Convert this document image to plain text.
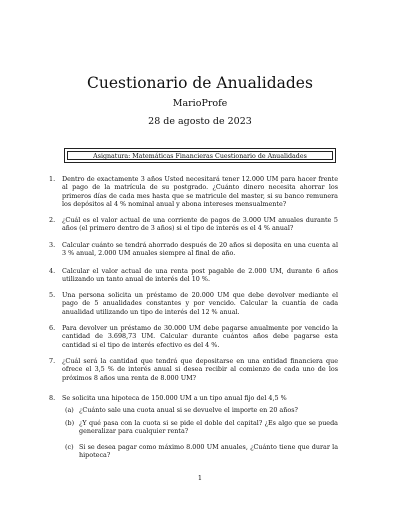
Cuestionario de Anualidades
MarioProfe
28 de agosto de 2023
Asignatura: Matemáticas Financieras Cuestionario de Anualidades
1. Dentro de exactamente 3 años Usted necesitará tener 12.000 UM para hacer frente al pago de la matrícula de su postgrado. ¿Cuánto dinero necesita ahorrar los primeros días de cada mes hasta que se matricule del master, si su banco remunera los depósitos al 4 % nominal anual y abona intereses mensualmente?
2. ¿Cuál es el valor actual de una corriente de pagos de 3.000 UM anuales durante 5 años (el primero dentro de 3 años) si el tipo de interés es el 4 % anual?
3. Calcular cuánto se tendrá ahorrado después de 20 años si deposita en una cuenta al 3 % anual, 2.000 UM anuales siempre al final de año.
4. Calcular el valor actual de una renta post pagable de 2.000 UM, durante 6 años utilizando un tanto anual de interés del 10 %.
5. Una persona solicita un préstamo de 20.000 UM que debe devolver mediante el pago de 5 anualidades constantes y por vencido. Calcular la cuantía de cada anualidad utilizando un tipo de interés del 12 % anual.
6. Para devolver un préstamo de 30.000 UM debe pagarse anualmente por vencido la cantidad de 3.698,73 UM. Calcular durante cuántos años debe pagarse esta cantidad si el tipo de interés efectivo es del 4 %.
7. ¿Cuál será la cantidad que tendrá que depositarse en una entidad financiera que ofrece el 3,5 % de interés anual si desea recibir al comienzo de cada uno de los próximos 8 años una renta de 8.000 UM?
8. Se solicita una hipoteca de 150.000 UM a un tipo anual fijo del 4,5 %
(a) ¿Cuánto sale una cuota anual si se devuelve el importe en 20 años?
(b) ¿Y qué pasa con la cuota si se pide el doble del capital? ¿Es algo que se pueda generalizar para cualquier renta?
(c) Si se desea pagar como máximo 8.000 UM anuales, ¿Cuánto tiene que durar la hipoteca?
1
